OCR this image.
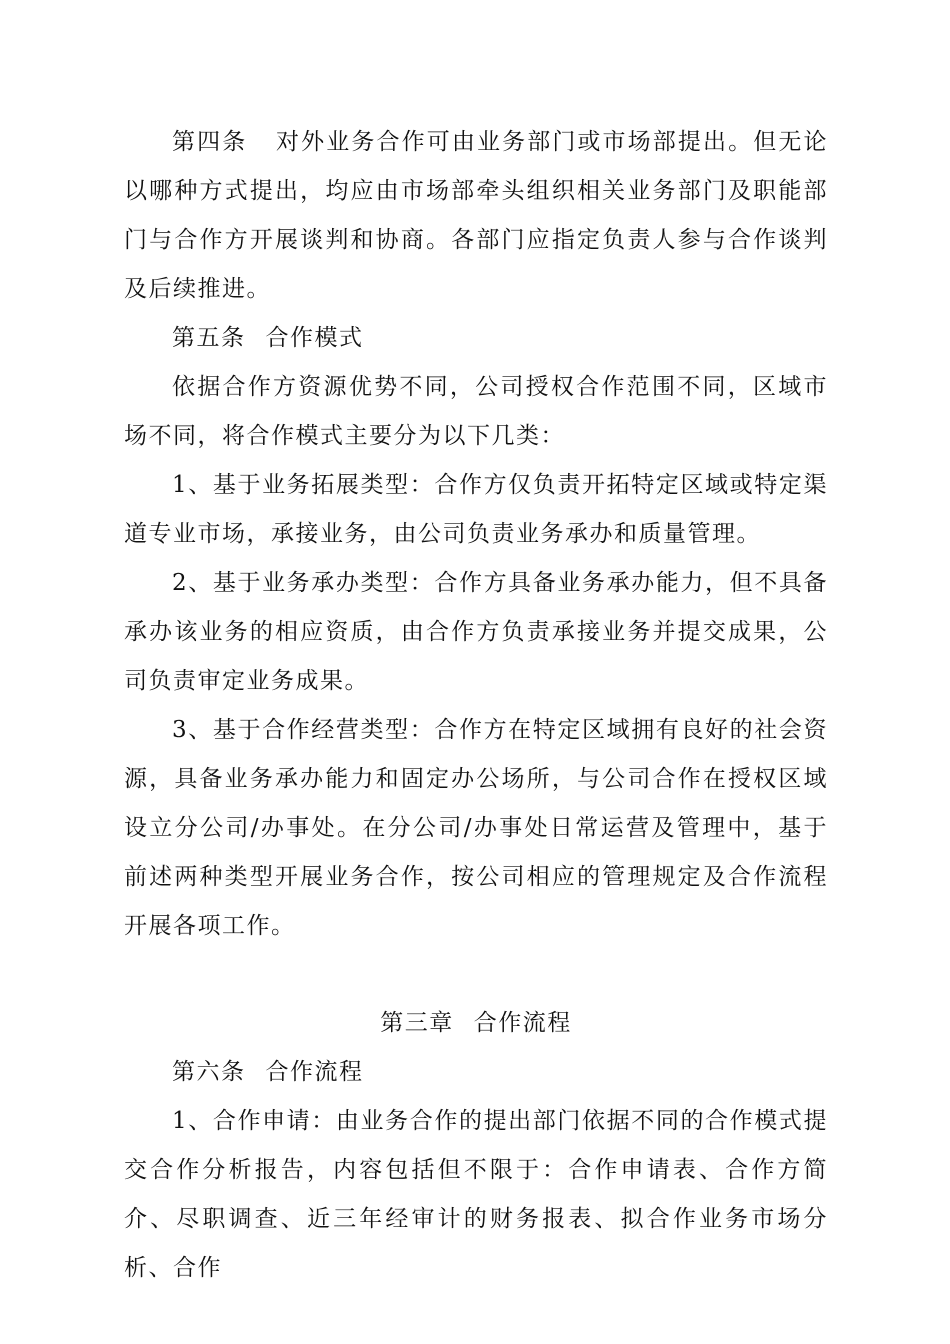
第四条 对外业务合作可由业务部门或市场部提出。但无论以哪种方式提出，均应由市场部牵头组织相关业务部门及职能部门与合作方开展谈判和协商。各部门应指定负责人参与合作谈判及后续推进。

第五条 合作模式

依据合作方资源优势不同，公司授权合作范围不同，区域市场不同，将合作模式主要分为以下几类：

1、基于业务拓展类型：合作方仅负责开拓特定区域或特定渠道专业市场，承接业务，由公司负责业务承办和质量管理。

2、基于业务承办类型：合作方具备业务承办能力，但不具备承办该业务的相应资质，由合作方负责承接业务并提交成果，公司负责审定业务成果。

3、基于合作经营类型：合作方在特定区域拥有良好的社会资源，具备业务承办能力和固定办公场所，与公司合作在授权区域设立分公司/办事处。在分公司/办事处日常运营及管理中，基于前述两种类型开展业务合作，按公司相应的管理规定及合作流程开展各项工作。

第三章 合作流程

第六条 合作流程

1、合作申请：由业务合作的提出部门依据不同的合作模式提交合作分析报告，内容包括但不限于：合作申请表、合作方简介、尽职调查、近三年经审计的财务报表、拟合作业务市场分析、合作
